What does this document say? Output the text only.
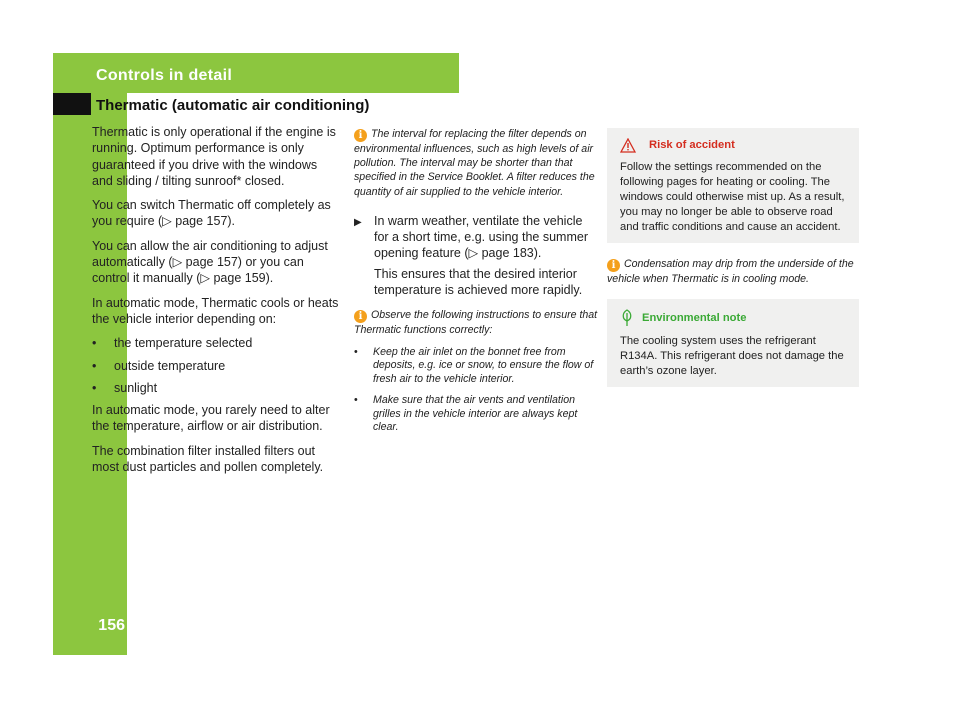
Controls in detail
156
Thermatic (automatic air conditioning)

Thermatic is only operational if the engine is running. Optimum performance is only guaranteed if you drive with the windows and sliding / tilting sunroof* closed.

You can switch Thermatic off completely as you require (▷ page 157).

You can allow the air conditioning to adjust automatically (▷ page 157) or you can control it manually (▷ page 159).

In automatic mode, Thermatic cools or heats the vehicle interior depending on:

•	the temperature selected
•	outside temperature
•	sunlight

In automatic mode, you rarely need to alter the temperature, airflow or air distribution.

The combination filter installed filters out most dust particles and pollen completely.

i The interval for replacing the filter depends on environmental influences, such as high levels of air pollution. The interval may be shorter than that specified in the Service Booklet. A filter reduces the quantity of air supplied to the vehicle interior.
▶ In warm weather, ventilate the vehicle for a short time, e.g. using the summer opening feature (▷ page 183).
This ensures that the desired interior temperature is achieved more rapidly.
i Observe the following instructions to ensure that Thermatic functions correctly:
•	Keep the air inlet on the bonnet free from deposits, e.g. ice or snow, to ensure the flow of fresh air to the vehicle interior.
•	Make sure that the air vents and ventilation grilles in the vehicle interior are always kept clear.
Risk of accident
Follow the settings recommended on the following pages for heating or cooling. The windows could otherwise mist up. As a result, you may no longer be able to observe road and traffic conditions and cause an accident.
i Condensation may drip from the underside of the vehicle when Thermatic is in cooling mode.
Environmental note
The cooling system uses the refrigerant R134A. This refrigerant does not damage the earth’s ozone layer.
